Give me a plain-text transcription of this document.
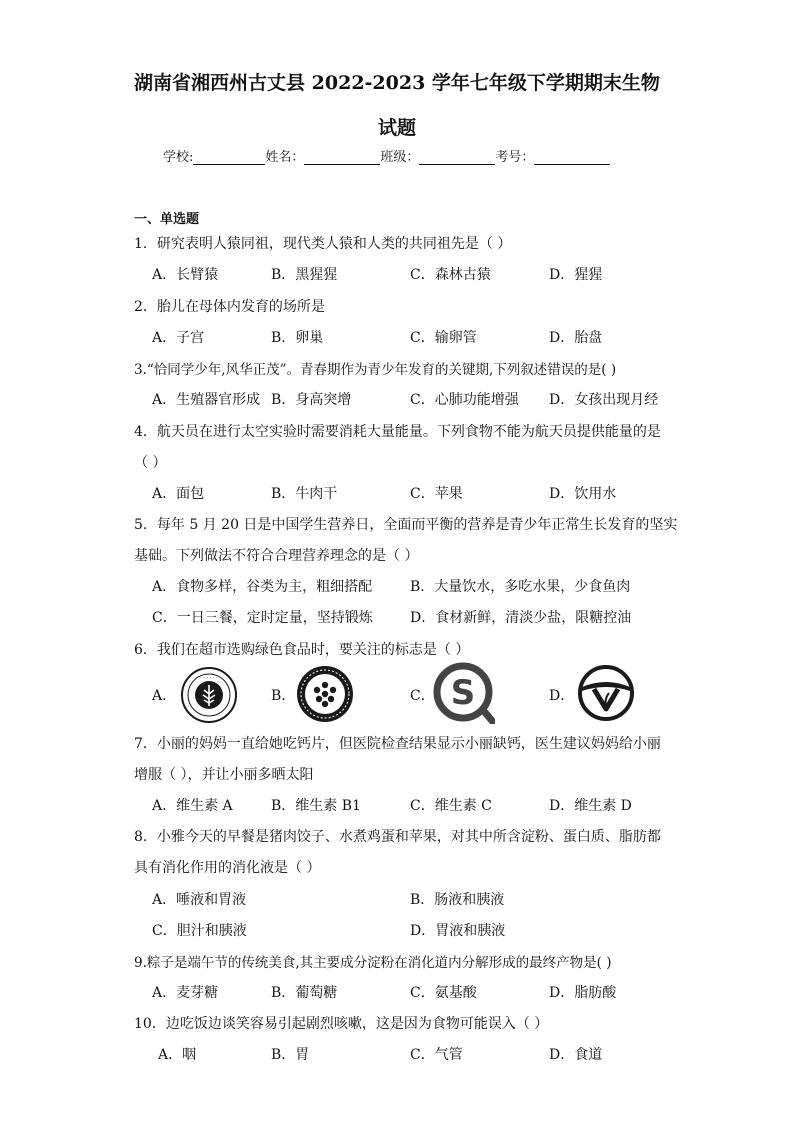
湖南省湘西州古丈县 2022-2023 学年七年级下学期期末生物
试题
学校:	姓名：	班级：	考号：
一、单选题
1．研究表明人猿同祖，现代类人猿和人类的共同祖先是（ ）
A．长臂猿	B．黑猩猩	C．森林古猿	D．猩猩
2．胎儿在母体内发育的场所是
A．子宫	B．卵巢	C．输卵管	D．胎盘
3.“恰同学少年,风华正茂”。青春期作为青少年发育的关键期,下列叙述错误的是( )
A．生殖器官形成 B．身高突增	C．心肺功能增强 D．女孩出现月经
4．航天员在进行太空实验时需要消耗大量能量。下列食物不能为航天员提供能量的是
（ ）
A．面包	B．牛肉干	C．苹果	D．饮用水
5．每年 5 月 20 日是中国学生营养日，全面而平衡的营养是青少年正常生长发育的坚实
基础。下列做法不符合合理营养理念的是（ ）
A．食物多样，谷类为主，粗细搭配	B．大量饮水，多吃水果，少食鱼肉
C．一日三餐，定时定量，坚持锻炼	D．食材新鲜，清淡少盐，限糖控油
6．我们在超市选购绿色食品时，要关注的标志是（ ）
A．	B．	C．	D．
· · · · · ·	S
7．小丽的妈妈一直给她吃钙片，但医院检查结果显示小丽缺钙，医生建议妈妈给小丽
增服（ ），并让小丽多晒太阳
A．维生素 A	B．维生素 B1	C．维生素 C	D．维生素 D
8．小雅今天的早餐是猪肉饺子、水煮鸡蛋和苹果，对其中所含淀粉、蛋白质、脂肪都
具有消化作用的消化液是（ ）
A．唾液和胃液	B．肠液和胰液
C．胆汁和胰液	D．胃液和胰液
9.粽子是端午节的传统美食,其主要成分淀粉在消化道内分解形成的最终产物是( )
A．麦芽糖	B．葡萄糖	C．氨基酸	D．脂肪酸
10．边吃饭边谈笑容易引起剧烈咳嗽，这是因为食物可能误入（ ）
A．咽	B．胃	C．气管	D．食道
